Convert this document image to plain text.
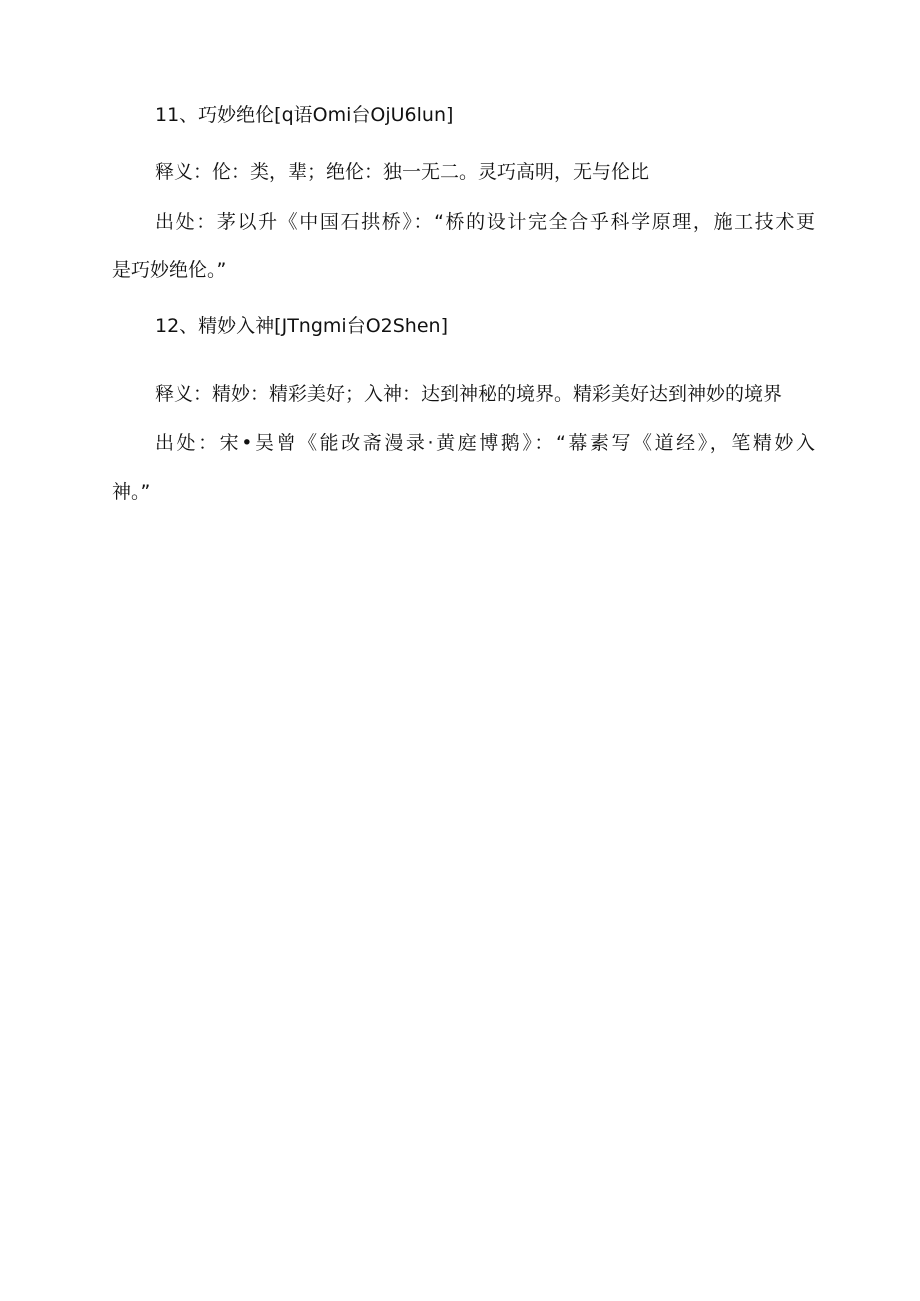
11、巧妙绝伦[q语Omi台OjU6lun]
释义：伦：类，辈；绝伦：独一无二。灵巧高明，无与伦比
出处：茅以升《中国石拱桥》：“桥的设计完全合乎科学原理，施工技术更
是巧妙绝伦。”
12、精妙入神[JTngmi台O2Shen]
释义：精妙：精彩美好；入神：达到神秘的境界。精彩美好达到神妙的境界
出处：宋•吴曾《能改斋漫录·黄庭博鹅》：“幕素写《道经》，笔精妙入
神。”
